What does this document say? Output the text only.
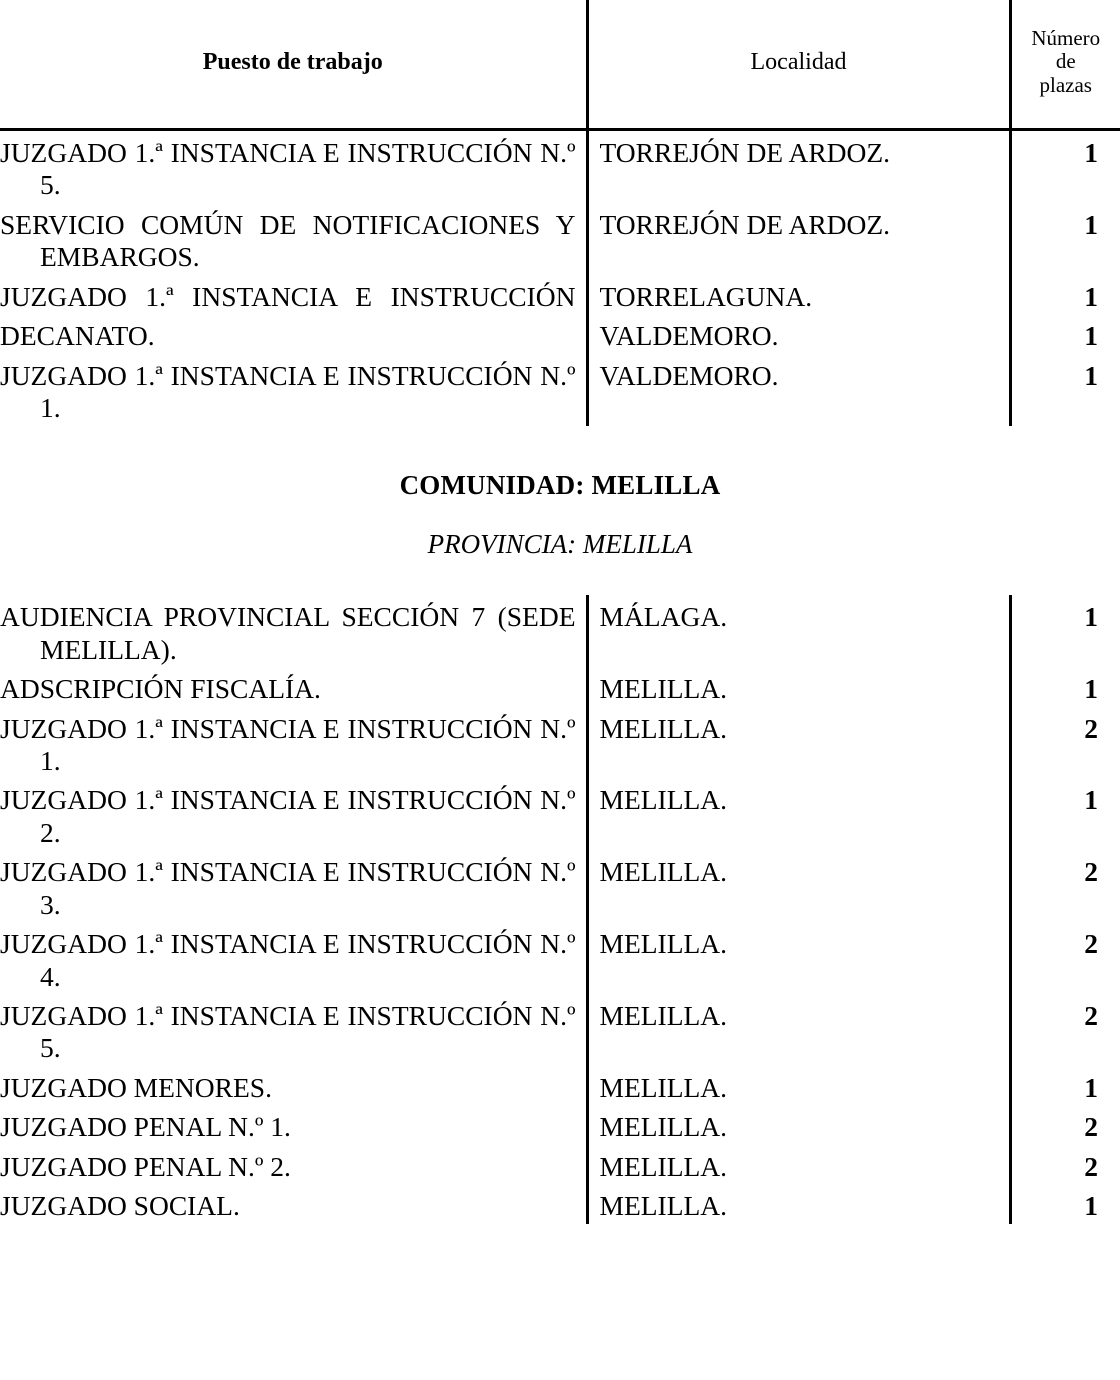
Puesto de trabajo	Localidad	Número
de
plazas

JUZGADO 1.ª INSTANCIA E INSTRUCCIÓN N.º 5.	TORREJÓN DE ARDOZ.	1

SERVICIO COMÚN DE NOTIFICACIONES Y EMBARGOS.	TORREJÓN DE ARDOZ.	1

JUZGADO 1.ª INSTANCIA E INSTRUCCIÓN	TORRELAGUNA.	1

DECANATO.	VALDEMORO.	1

JUZGADO 1.ª INSTANCIA E INSTRUCCIÓN N.º 1.	VALDEMORO.	1

COMUNIDAD: MELILLA
PROVINCIA: MELILLA		

AUDIENCIA PROVINCIAL SECCIÓN 7 (SEDE MELILLA).	MÁLAGA.	1

ADSCRIPCIÓN FISCALÍA.	MELILLA.	1

JUZGADO 1.ª INSTANCIA E INSTRUCCIÓN N.º 1.	MELILLA.	2

JUZGADO 1.ª INSTANCIA E INSTRUCCIÓN N.º 2.	MELILLA.	1

JUZGADO 1.ª INSTANCIA E INSTRUCCIÓN N.º 3.	MELILLA.	2

JUZGADO 1.ª INSTANCIA E INSTRUCCIÓN N.º 4.	MELILLA.	2

JUZGADO 1.ª INSTANCIA E INSTRUCCIÓN N.º 5.	MELILLA.	2

JUZGADO MENORES.	MELILLA.	1

JUZGADO PENAL N.º 1.	MELILLA.	2

JUZGADO PENAL N.º 2.	MELILLA.	2

JUZGADO SOCIAL.	MELILLA.	1
